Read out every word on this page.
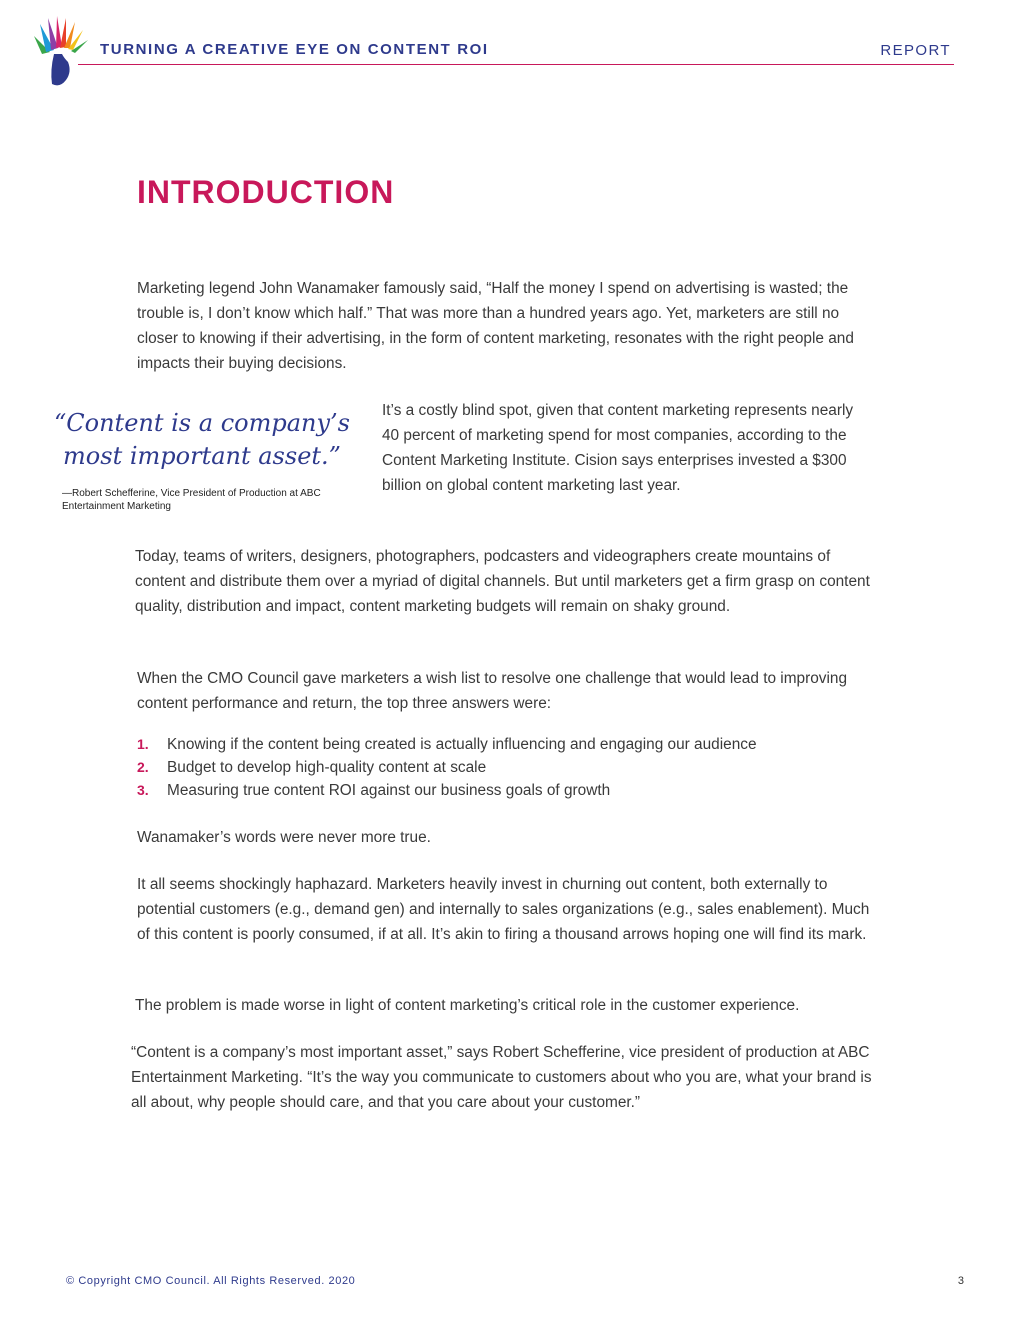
TURNING A CREATIVE EYE ON CONTENT ROI	REPORT
INTRODUCTION

Marketing legend John Wanamaker famously said, “Half the money I spend on advertising is wasted; the trouble is, I don’t know which half.” That was more than a hundred years ago. Yet, marketers are still no closer to knowing if their advertising, in the form of content marketing, resonates with the right people and impacts their buying decisions.

“Content is a company’s most important asset.”

—Robert Schefferine, Vice President of Production at ABC Entertainment Marketing

It’s a costly blind spot, given that content marketing represents nearly 40 percent of marketing spend for most companies, according to the Content Marketing Institute. Cision says enterprises invested a $300 billion on global content marketing last year.

Today, teams of writers, designers, photographers, podcasters and videographers create mountains of content and distribute them over a myriad of digital channels. But until marketers get a firm grasp on content quality, distribution and impact, content marketing budgets will remain on shaky ground.

When the CMO Council gave marketers a wish list to resolve one challenge that would lead to improving content performance and return, the top three answers were:

1. Knowing if the content being created is actually influencing and engaging our audience
2. Budget to develop high-quality content at scale
3. Measuring true content ROI against our business goals of growth

Wanamaker’s words were never more true.

It all seems shockingly haphazard. Marketers heavily invest in churning out content, both externally to potential customers (e.g., demand gen) and internally to sales organizations (e.g., sales enablement). Much of this content is poorly consumed, if at all. It’s akin to firing a thousand arrows hoping one will find its mark.

The problem is made worse in light of content marketing’s critical role in the customer experience.

“Content is a company’s most important asset,” says Robert Schefferine, vice president of production at ABC Entertainment Marketing. “It’s the way you communicate to customers about who you are, what your brand is all about, why people should care, and that you care about your customer.”

© Copyright CMO Council. All Rights Reserved. 2020	3
